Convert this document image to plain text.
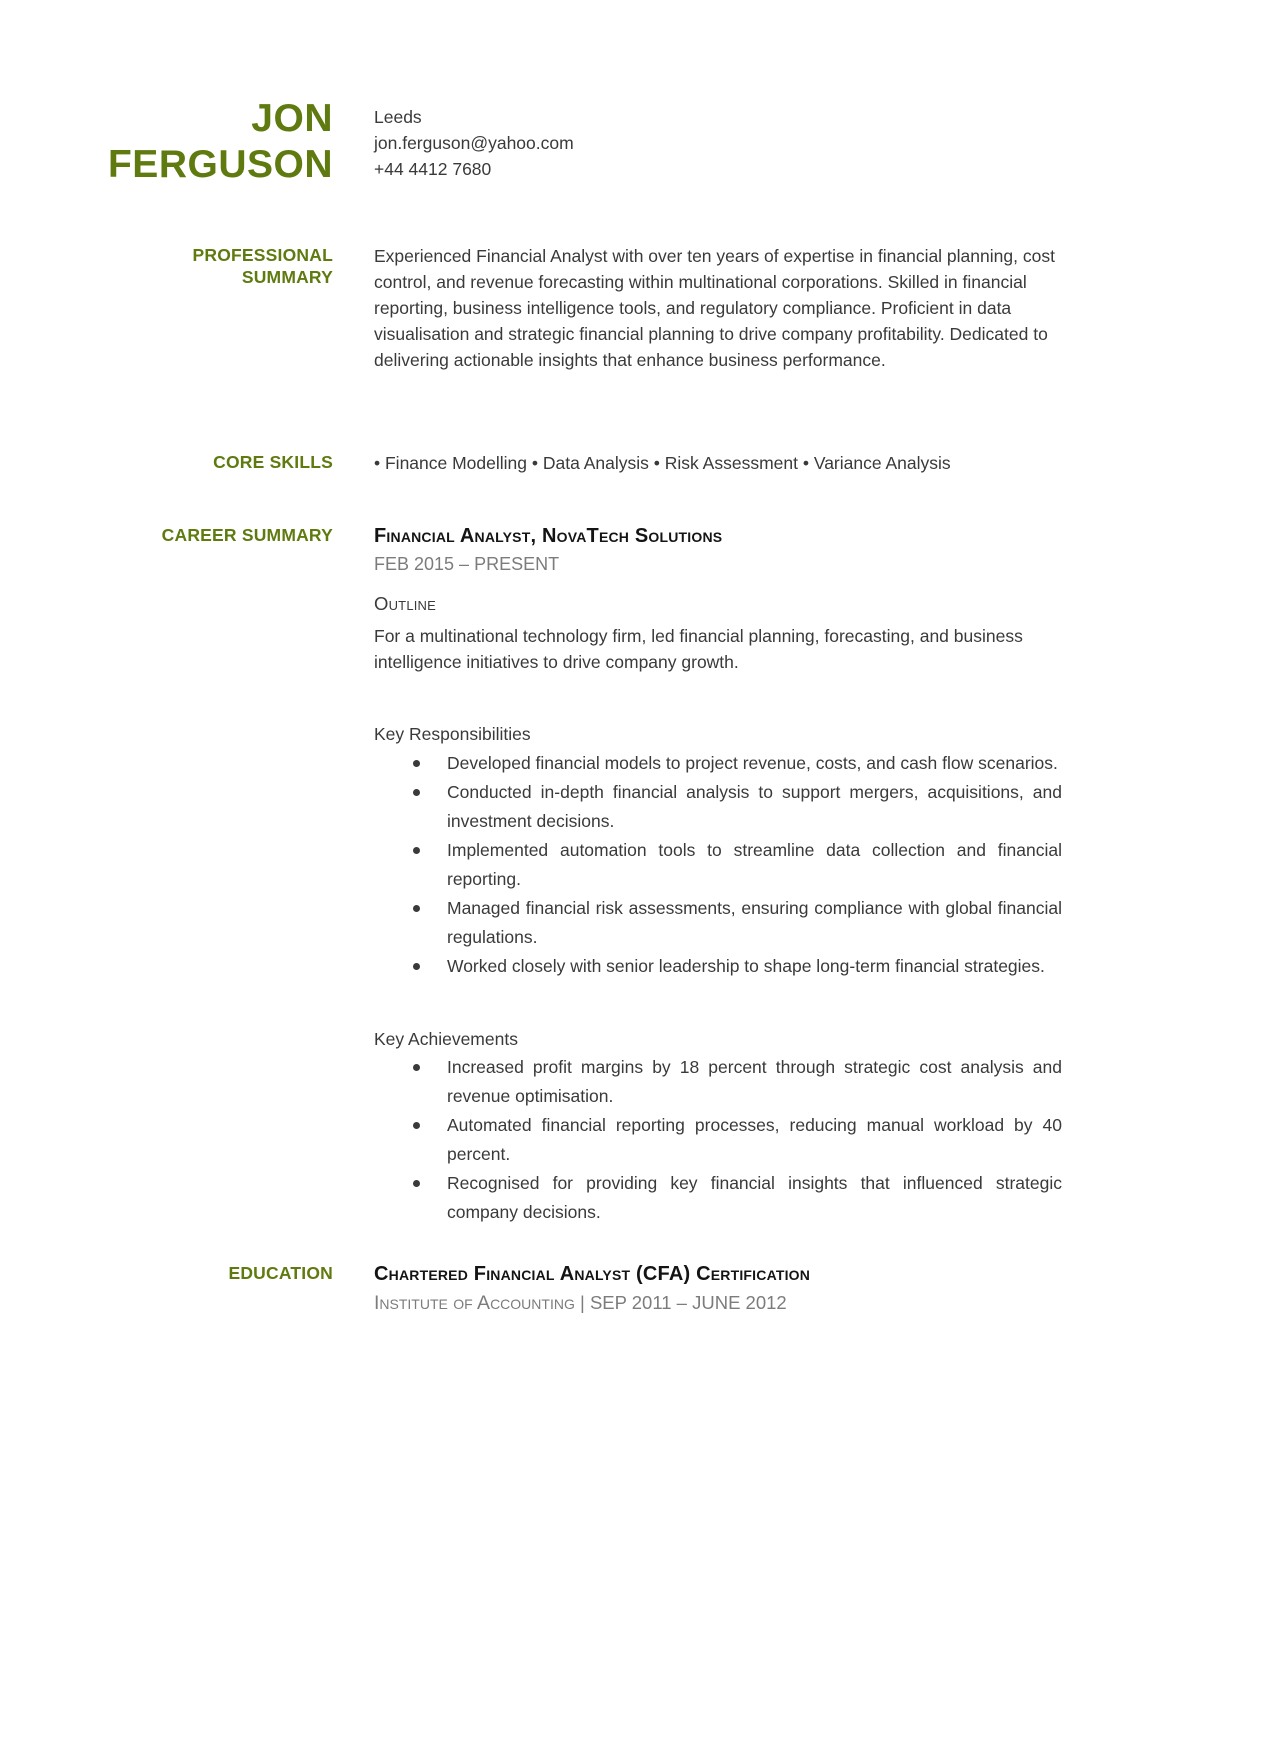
JON
FERGUSON
Leeds
jon.ferguson@yahoo.com
+44 4412 7680
PROFESSIONAL
SUMMARY

Experienced Financial Analyst with over ten years of expertise in financial planning, cost control, and revenue forecasting within multinational corporations. Skilled in financial reporting, business intelligence tools, and regulatory compliance. Proficient in data visualisation and strategic financial planning to drive company profitability. Dedicated to delivering actionable insights that enhance business performance.

CORE SKILLS	• Finance Modelling • Data Analysis • Risk Assessment • Variance Analysis
CAREER SUMMARY	Financial Analyst, NovaTech Solutions
FEB 2015 – PRESENT
Outline
For a multinational technology firm, led financial planning, forecasting, and business intelligence initiatives to drive company growth.
Key Responsibilities
Developed financial models to project revenue, costs, and cash flow scenarios.
Conducted in-depth financial analysis to support mergers, acquisitions, and investment decisions.
Implemented automation tools to streamline data collection and financial reporting.
Managed financial risk assessments, ensuring compliance with global financial regulations.
Worked closely with senior leadership to shape long-term financial strategies.
Key Achievements
Increased profit margins by 18 percent through strategic cost analysis and revenue optimisation.
Automated financial reporting processes, reducing manual workload by 40 percent.
Recognised for providing key financial insights that influenced strategic company decisions.
EDUCATION	Chartered Financial Analyst (CFA) Certification
Institute of Accounting | SEP 2011 – JUNE 2012
